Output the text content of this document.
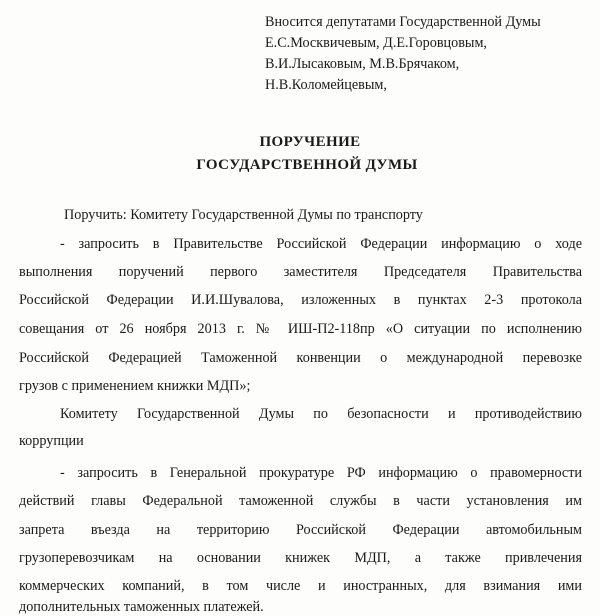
Вносится депутатами Государственной Думы
Е.С.Москвичевым, Д.Е.Горовцовым,
В.И.Лысаковым, М.В.Брячаком,
Н.В.Коломейцевым,
ПОРУЧЕНИЕ
ГОСУДАРСТВЕННОЙ ДУМЫ
Поручить: Комитету Государственной Думы по транспорту
- запросить в Правительстве Российской Федерации информацию о ходе
выполнения поручений первого заместителя Председателя Правительства
Российской Федерации И.И.Шувалова, изложенных в пунктах 2-3 протокола
совещания от 26 ноября 2013 г. № ИШ-П2-118пр «О ситуации по исполнению
Российской Федерацией Таможенной конвенции о международной перевозке
грузов с применением книжки МДП»;
Комитету Государственной Думы по безопасности и противодействию
коррупции
- запросить в Генеральной прокуратуре РФ информацию о правомерности
действий главы Федеральной таможенной службы в части установления им
запрета въезда на территорию Российской Федерации автомобильным
грузоперевозчикам на основании книжек МДП, а также привлечения
коммерческих компаний, в том числе и иностранных, для взимания ими
дополнительных таможенных платежей.
